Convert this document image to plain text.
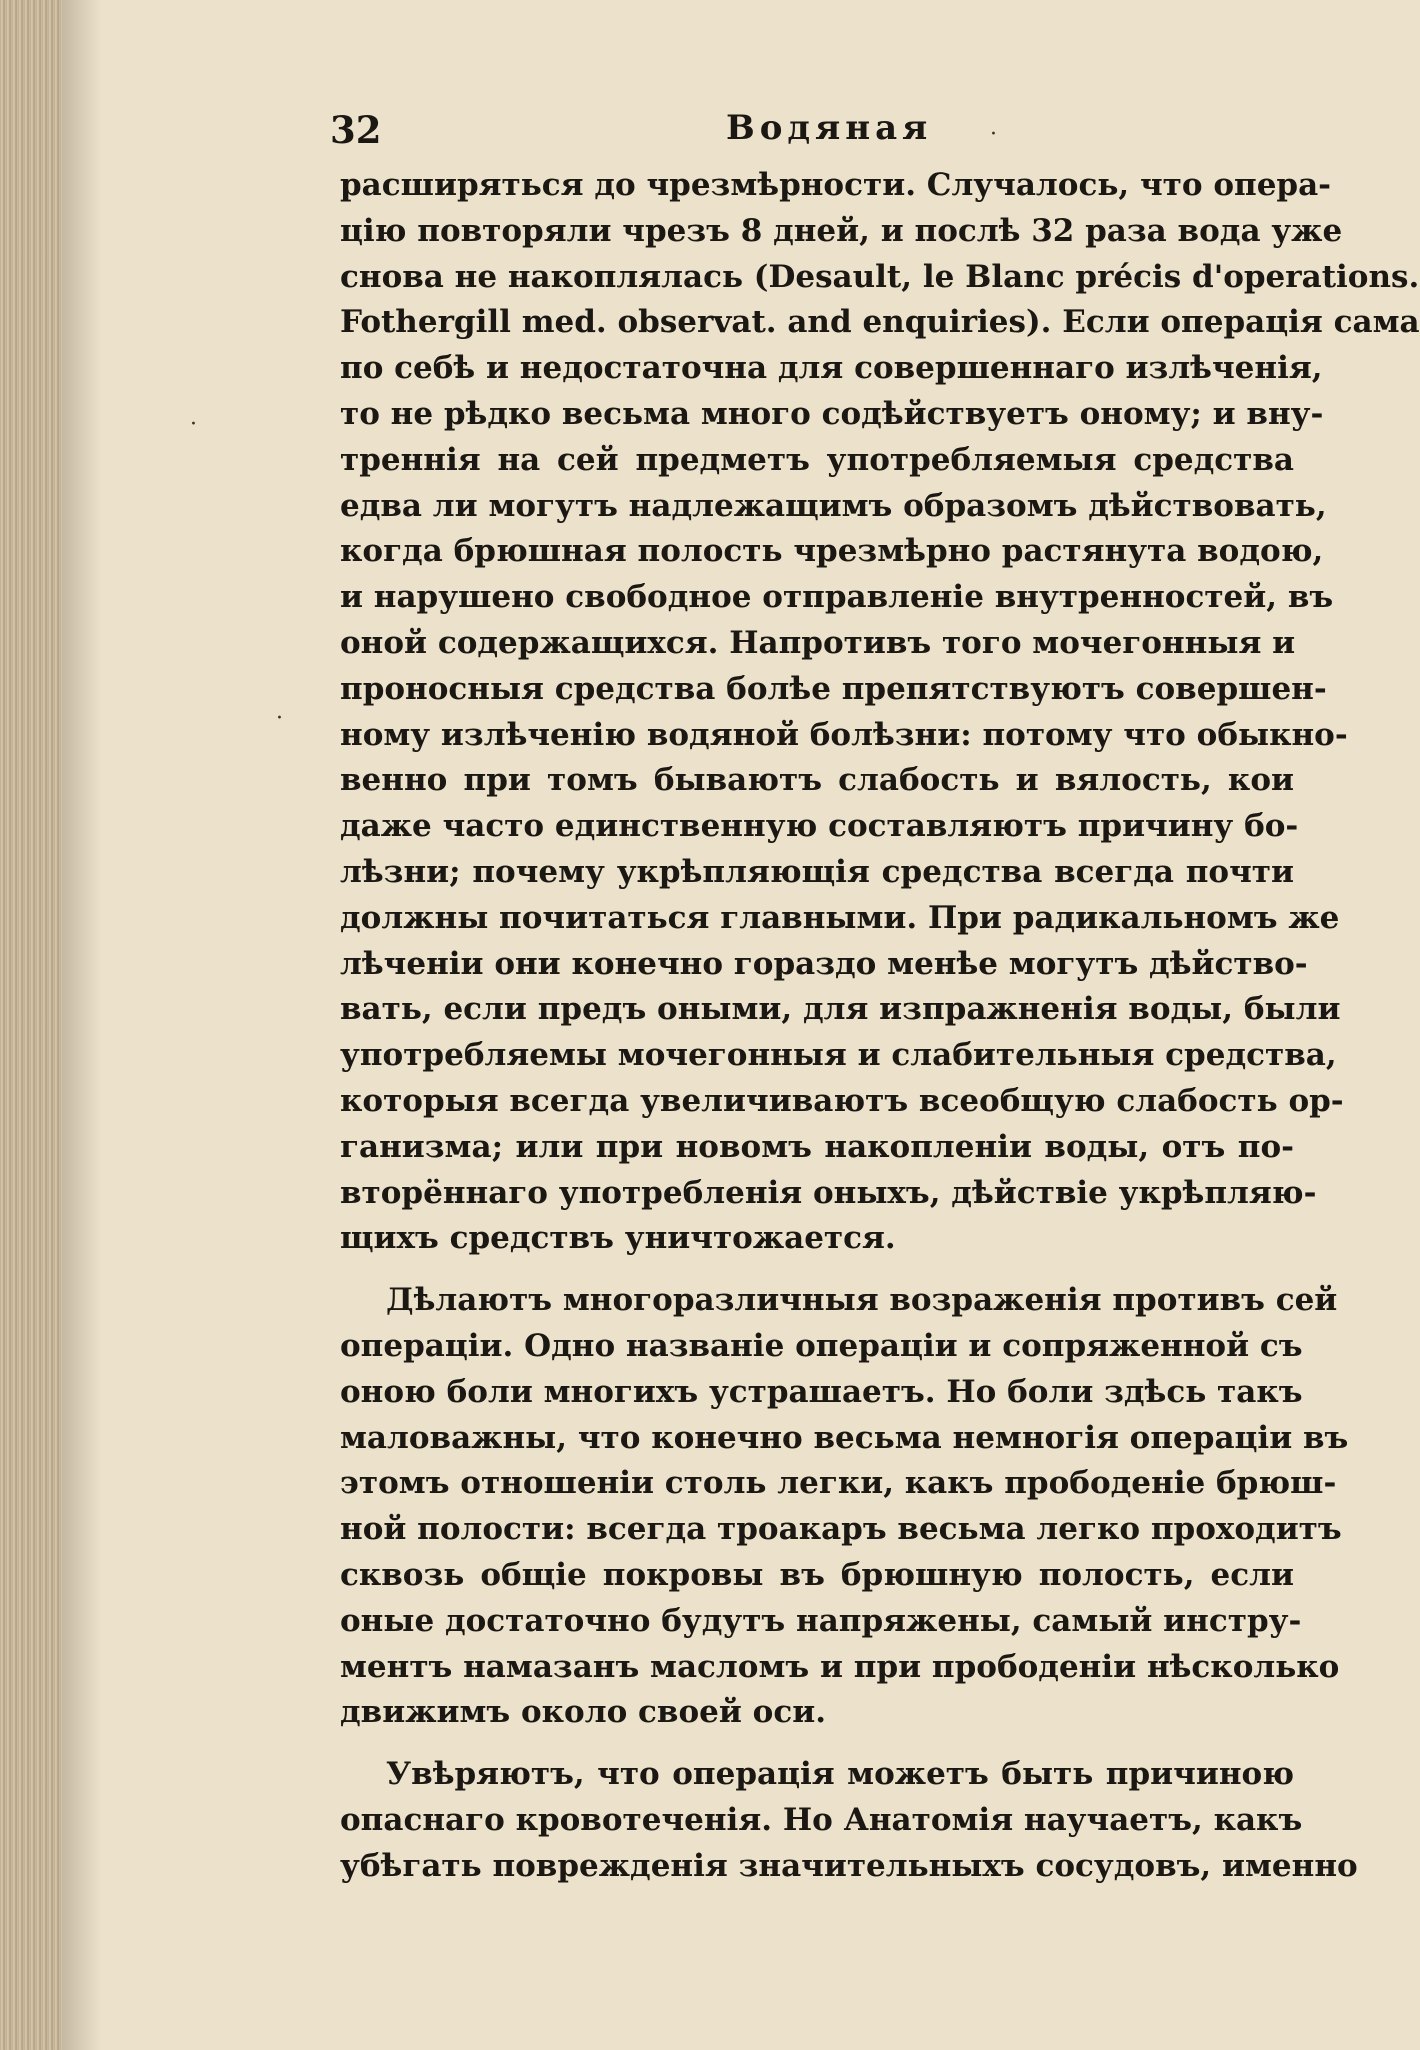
32	Водяная	·
·
·
расширяться до чрезмѣрности. Случалось, что опера-
цію повторяли чрезъ 8 дней, и послѣ 32 раза вода уже
снова не накоплялась (Desault, le Blanc précis d'operations.
Fothergill med. observat. and enquiries). Если операція сама
по себѣ и недостаточна для совершеннаго излѣченія,
то не рѣдко весьма много содѣйствуетъ оному; и вну-
треннія на сей предметъ употребляемыя средства
едва ли могутъ надлежащимъ образомъ дѣйствовать,
когда брюшная полость чрезмѣрно растянута водою,
и нарушено свободное отправленіе внутренностей, въ
оной содержащихся. Напротивъ того мочегонныя и
проносныя средства болѣе препятствуютъ совершен-
ному излѣченію водяной болѣзни: потому что обыкно-
венно при томъ бываютъ слабость и вялость, кои
даже часто единственную составляютъ причину бо-
лѣзни; почему укрѣпляющія средства всегда почти
должны почитаться главными. При радикальномъ же
лѣченіи они конечно гораздо менѣе могутъ дѣйство-
вать, если предъ оными, для изпражненія воды, были
употребляемы мочегонныя и слабительныя средства,
которыя всегда увеличиваютъ всеобщую слабость ор-
ганизма; или при новомъ накопленіи воды, отъ по-
вторённаго употребленія оныхъ, дѣйствіе укрѣпляю-
щихъ средствъ уничтожается.
Дѣлаютъ многоразличныя возраженія противъ сей
операціи. Одно названіе операціи и сопряженной съ
оною боли многихъ устрашаетъ. Но боли здѣсь такъ
маловажны, что конечно весьма немногія операціи въ
этомъ отношеніи столь легки, какъ прободеніе брюш-
ной полости: всегда троакаръ весьма легко проходитъ
сквозь общіе покровы въ брюшную полость, если
оные достаточно будутъ напряжены, самый инстру-
ментъ намазанъ масломъ и при прободеніи нѣсколько
движимъ около своей оси.
Увѣряютъ, что операція можетъ быть причиною
опаснаго кровотеченія. Но Анатомія научаетъ, какъ
убѣгать поврежденія значительныхъ сосудовъ, именно
